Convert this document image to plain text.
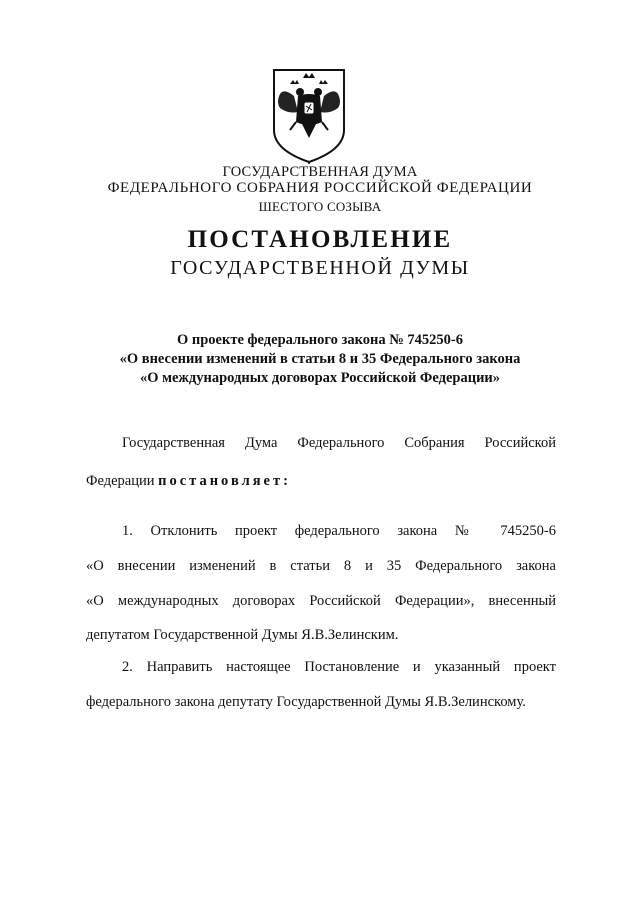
ГОСУДАРСТВЕННАЯ ДУМА
ФЕДЕРАЛЬНОГО СОБРАНИЯ РОССИЙСКОЙ ФЕДЕРАЦИИ
ШЕСТОГО СОЗЫВА
ПОСТАНОВЛЕНИЕ
ГОСУДАРСТВЕННОЙ ДУМЫ
О проекте федерального закона № 745250-6
«О внесении изменений в статьи 8 и 35 Федерального закона
«О международных договорах Российской Федерации»
Государственная Дума Федерального Собрания Российской
Федерации постановляет:
1. Отклонить проект федерального закона № 745250-6
«О внесении изменений в статьи 8 и 35 Федерального закона
«О международных договорах Российской Федерации», внесенный
депутатом Государственной Думы Я.В.Зелинским.
2. Направить настоящее Постановление и указанный проект
федерального закона депутату Государственной Думы Я.В.Зелинскому.
